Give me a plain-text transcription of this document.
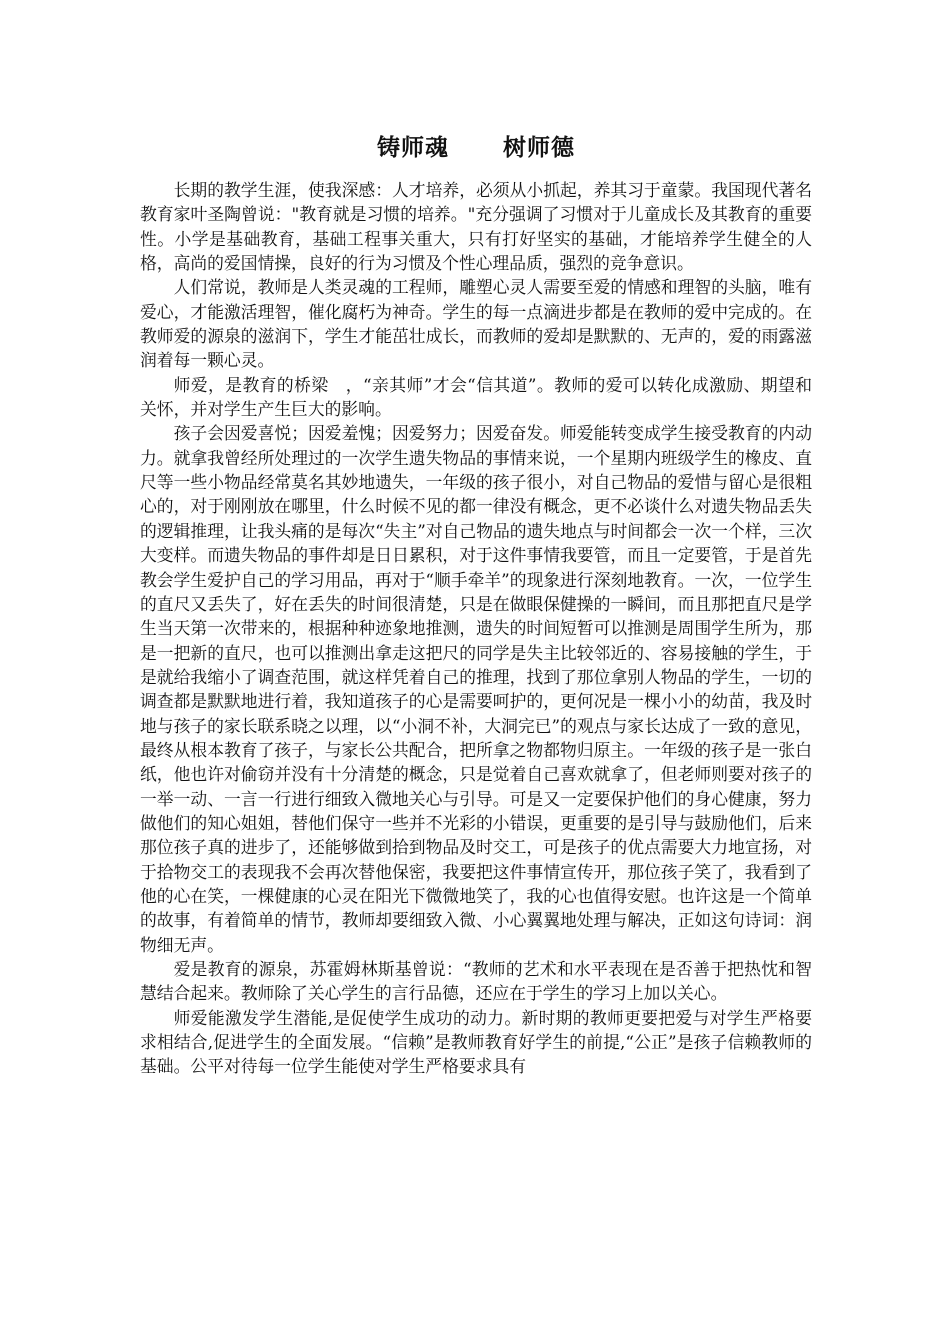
铸师魂 树师德

长期的教学生涯，使我深感：人才培养，必须从小抓起，养其习于童蒙。我国现代著名教育家叶圣陶曾说："教育就是习惯的培养。"充分强调了习惯对于儿童成长及其教育的重要性。小学是基础教育，基础工程事关重大，只有打好坚实的基础，才能培养学生健全的人格，高尚的爱国情操，良好的行为习惯及个性心理品质，强烈的竞争意识。

人们常说，教师是人类灵魂的工程师，雕塑心灵人需要至爱的情感和理智的头脑，唯有爱心，才能激活理智，催化腐朽为神奇。学生的每一点滴进步都是在教师的爱中完成的。在教师爱的源泉的滋润下，学生才能茁壮成长，而教师的爱却是默默的、无声的，爱的雨露滋润着每一颗心灵。

师爱，是教育的桥梁　，“亲其师”才会“信其道”。教师的爱可以转化成激励、期望和关怀，并对学生产生巨大的影响。

孩子会因爱喜悦；因爱羞愧；因爱努力；因爱奋发。师爱能转变成学生接受教育的内动力。就拿我曾经所处理过的一次学生遗失物品的事情来说，一个星期内班级学生的橡皮、直尺等一些小物品经常莫名其妙地遗失，一年级的孩子很小，对自己物品的爱惜与留心是很粗心的，对于刚刚放在哪里，什么时候不见的都一律没有概念，更不必谈什么对遗失物品丢失的逻辑推理，让我头痛的是每次“失主”对自己物品的遗失地点与时间都会一次一个样，三次大变样。而遗失物品的事件却是日日累积，对于这件事情我要管，而且一定要管，于是首先教会学生爱护自己的学习用品，再对于“顺手牵羊”的现象进行深刻地教育。一次，一位学生的直尺又丢失了，好在丢失的时间很清楚，只是在做眼保健操的一瞬间，而且那把直尺是学生当天第一次带来的，根据种种迹象地推测，遗失的时间短暂可以推测是周围学生所为，那是一把新的直尺，也可以推测出拿走这把尺的同学是失主比较邻近的、容易接触的学生，于是就给我缩小了调查范围，就这样凭着自己的推理，找到了那位拿别人物品的学生，一切的调查都是默默地进行着，我知道孩子的心是需要呵护的，更何况是一棵小小的幼苗，我及时地与孩子的家长联系晓之以理，以“小洞不补，大洞完已”的观点与家长达成了一致的意见，最终从根本教育了孩子，与家长公共配合，把所拿之物都物归原主。一年级的孩子是一张白纸，他也许对偷窃并没有十分清楚的概念，只是觉着自己喜欢就拿了，但老师则要对孩子的一举一动、一言一行进行细致入微地关心与引导。可是又一定要保护他们的身心健康，努力做他们的知心姐姐，替他们保守一些并不光彩的小错误，更重要的是引导与鼓励他们，后来那位孩子真的进步了，还能够做到拾到物品及时交工，可是孩子的优点需要大力地宣扬，对于拾物交工的表现我不会再次替他保密，我要把这件事情宣传开，那位孩子笑了，我看到了他的心在笑，一棵健康的心灵在阳光下微微地笑了，我的心也值得安慰。也许这是一个简单的故事，有着简单的情节，教师却要细致入微、小心翼翼地处理与解决，正如这句诗词：润物细无声。

爱是教育的源泉，苏霍姆林斯基曾说：“教师的艺术和水平表现在是否善于把热忱和智慧结合起来。教师除了关心学生的言行品德，还应在于学生的学习上加以关心。

师爱能激发学生潜能,是促使学生成功的动力。新时期的教师更要把爱与对学生严格要求相结合,促进学生的全面发展。“信赖”是教师教育好学生的前提,“公正”是孩子信赖教师的基础。公平对待每一位学生能使对学生严格要求具有
